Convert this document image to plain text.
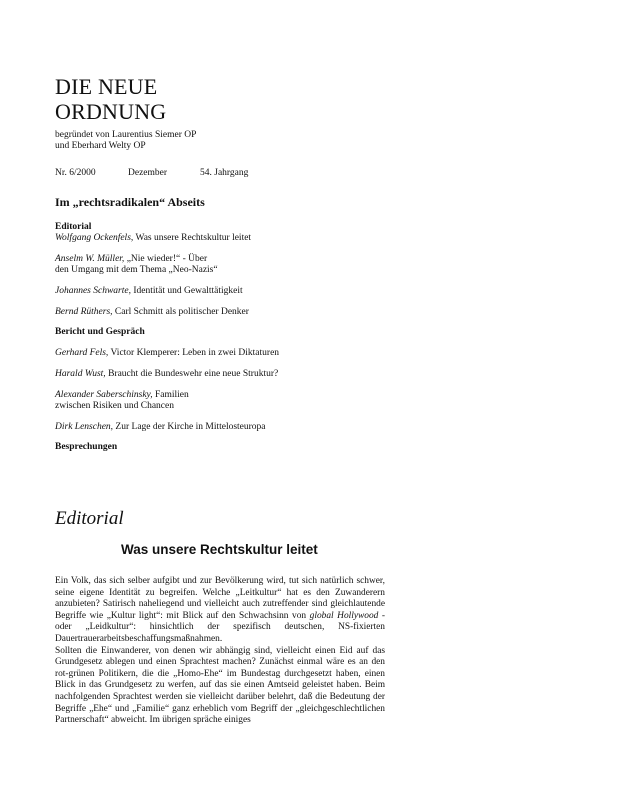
DIE NEUE
ORDNUNG
begründet von Laurentius Siemer OP
und Eberhard Welty OP
Nr. 6/2000	Dezember	54. Jahrgang
Im „rechtsradikalen“ Abseits
Editorial

Wolfgang Ockenfels, Was unsere Rechtskultur leitet

Anselm W. Müller, „Nie wieder!“ - Über
den Umgang mit dem Thema „Neo-Nazis“

Johannes Schwarte, Identität und Gewalttätigkeit

Bernd Rüthers, Carl Schmitt als politischer Denker

Bericht und Gespräch

Gerhard Fels, Victor Klemperer: Leben in zwei Diktaturen

Harald Wust, Braucht die Bundeswehr eine neue Struktur?

Alexander Saberschinsky, Familien
zwischen Risiken und Chancen

Dirk Lenschen, Zur Lage der Kirche in Mittelosteuropa

Besprechungen
Editorial
Was unsere Rechtskultur leitet

Ein Volk, das sich selber aufgibt und zur Bevölkerung wird, tut sich natürlich schwer, seine eigene Identität zu begreifen. Welche „Leitkultur“ hat es den Zuwanderern anzubieten? Satirisch naheliegend und vielleicht auch zutreffender sind gleichlautende Begriffe wie „Kultur light“: mit Blick auf den Schwachsinn von global Hollywood - oder „Leidkultur“: hinsichtlich der spezifisch deutschen, NS-fixierten Dauertrauerarbeitsbeschaffungsmaßnahmen.

Sollten die Einwanderer, von denen wir abhängig sind, vielleicht einen Eid auf das Grundgesetz ablegen und einen Sprachtest machen? Zunächst einmal wäre es an den rot-grünen Politikern, die die „Homo-Ehe“ im Bundestag durchgesetzt haben, einen Blick in das Grundgesetz zu werfen, auf das sie einen Amtseid geleistet haben. Beim nachfolgenden Sprachtest werden sie vielleicht darüber belehrt, daß die Bedeutung der Begriffe „Ehe“ und „Familie“ ganz erheblich vom Begriff der „gleichgeschlechtlichen Partnerschaft“ abweicht. Im übrigen spräche einiges
